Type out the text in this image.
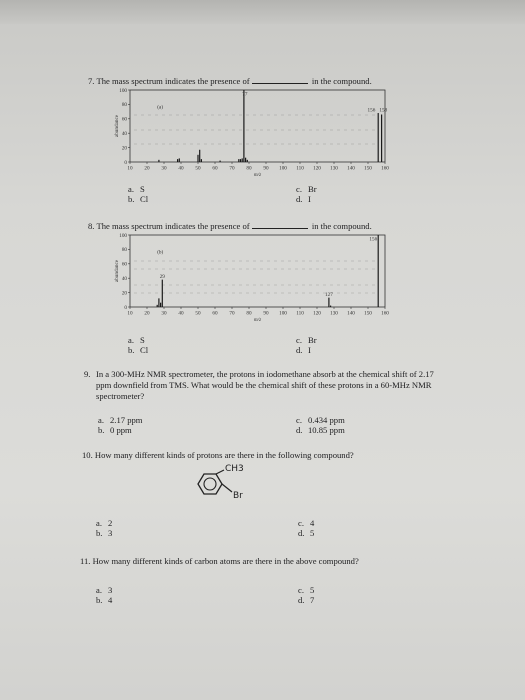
7. The mass spectrum indicates the presence of	in the compound.
0
20
40
60
80
100
10 20 30 40 50 60 70 80 90 100 110 120 130 140 150 160
abundance
m/z
(a)
77
156 158
a. S
b. Cl
c. Br
d. I
8. The mass spectrum indicates the presence of	in the compound.
0
20
40
60
80
100
10 20 30 40 50 60 70 80 90 100 110 120 130 140 150 160
abundance
m/z
(b)
156
29
127
a. S
b. Cl
c. Br
d. I
9. In a 300-MHz NMR spectrometer, the protons in iodomethane absorb at the chemical shift of 2.17 ppm downfield from TMS. What would be the chemical shift of these protons in a 60-MHz NMR spectrometer?
a. 2.17 ppm
b. 0 ppm
c. 0.434 ppm
d. 10.85 ppm
10. How many different kinds of protons are there in the following compound?
CH3
Br
a. 2
b. 3
c. 4
d. 5
11. How many different kinds of carbon atoms are there in the above compound?
a. 3
b. 4
c. 5
d. 7
